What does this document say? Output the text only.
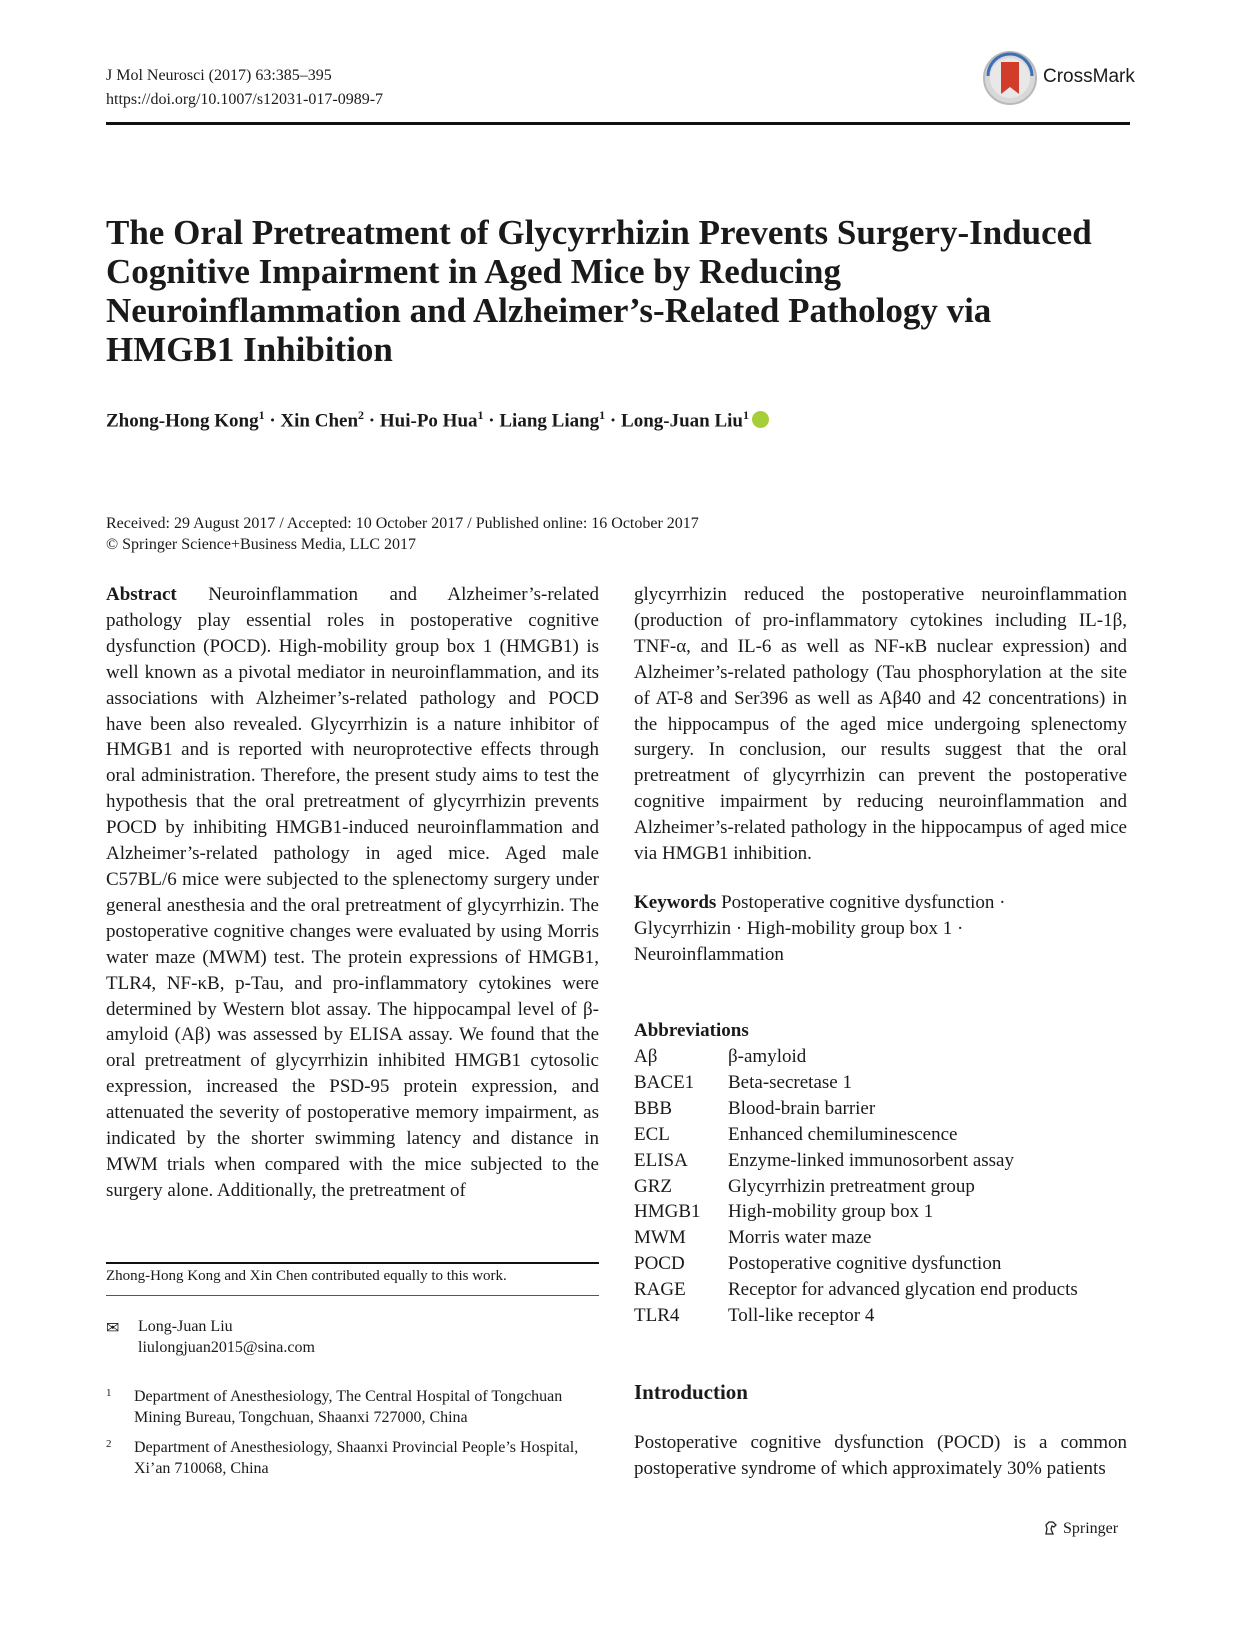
J Mol Neurosci (2017) 63:385–395
https://doi.org/10.1007/s12031-017-0989-7
CrossMark
The Oral Pretreatment of Glycyrrhizin Prevents Surgery-Induced Cognitive Impairment in Aged Mice by Reducing Neuroinflammation and Alzheimer’s-Related Pathology via HMGB1 Inhibition
Zhong-Hong Kong$^1$ · Xin Chen$^2$ · Hui-Po Hua$^1$ · Liang Liang$^1$ · Long-Juan Liu$^1$
Received: 29 August 2017 / Accepted: 10 October 2017 / Published online: 16 October 2017
© Springer Science+Business Media, LLC 2017

Abstract Neuroinflammation and Alzheimer’s-related pathology play essential roles in postoperative cognitive dysfunction (POCD). High-mobility group box 1 (HMGB1) is well known as a pivotal mediator in neuroinflammation, and its associations with Alzheimer’s-related pathology and POCD have been also revealed. Glycyrrhizin is a nature inhibitor of HMGB1 and is reported with neuroprotective effects through oral administration. Therefore, the present study aims to test the hypothesis that the oral pretreatment of glycyrrhizin prevents POCD by inhibiting HMGB1-induced neuroinflammation and Alzheimer’s-related pathology in aged mice. Aged male C57BL/6 mice were subjected to the splenectomy surgery under general anesthesia and the oral pretreatment of glycyrrhizin. The postoperative cognitive changes were evaluated by using Morris water maze (MWM) test. The protein expressions of HMGB1, TLR4, NF-κB, p-Tau, and pro-inflammatory cytokines were determined by Western blot assay. The hippocampal level of β-amyloid (Aβ) was assessed by ELISA assay. We found that the oral pretreatment of glycyrrhizin inhibited HMGB1 cytosolic expression, increased the PSD-95 protein expression, and attenuated the severity of postoperative memory impairment, as indicated by the shorter swimming latency and distance in MWM trials when compared with the mice subjected to the surgery alone. Additionally, the pretreatment of

glycyrrhizin reduced the postoperative neuroinflammation (production of pro-inflammatory cytokines including IL-1β, TNF-α, and IL-6 as well as NF-κB nuclear expression) and Alzheimer’s-related pathology (Tau phosphorylation at the site of AT-8 and Ser396 as well as Aβ40 and 42 concentrations) in the hippocampus of the aged mice undergoing splenectomy surgery. In conclusion, our results suggest that the oral pretreatment of glycyrrhizin can prevent the postoperative cognitive impairment by reducing neuroinflammation and Alzheimer’s-related pathology in the hippocampus of aged mice via HMGB1 inhibition.

Keywords Postoperative cognitive dysfunction · Glycyrrhizin · High-mobility group box 1 · Neuroinflammation
Abbreviations
Aβ	β-amyloid
BACE1	Beta-secretase 1
BBB	Blood-brain barrier
ECL	Enhanced chemiluminescence
ELISA	Enzyme-linked immunosorbent assay
GRZ	Glycyrrhizin pretreatment group
HMGB1	High-mobility group box 1
MWM	Morris water maze
POCD	Postoperative cognitive dysfunction
RAGE	Receptor for advanced glycation end products
TLR4	Toll-like receptor 4
Zhong-Hong Kong and Xin Chen contributed equally to this work.
✉ Long-Juan Liu
liulongjuan2015@sina.com
1 Department of Anesthesiology, The Central Hospital of Tongchuan Mining Bureau, Tongchuan, Shaanxi 727000, China
2 Department of Anesthesiology, Shaanxi Provincial People’s Hospital, Xi’an 710068, China
Introduction
Postoperative cognitive dysfunction (POCD) is a common postoperative syndrome of which approximately 30% patients
Springer
